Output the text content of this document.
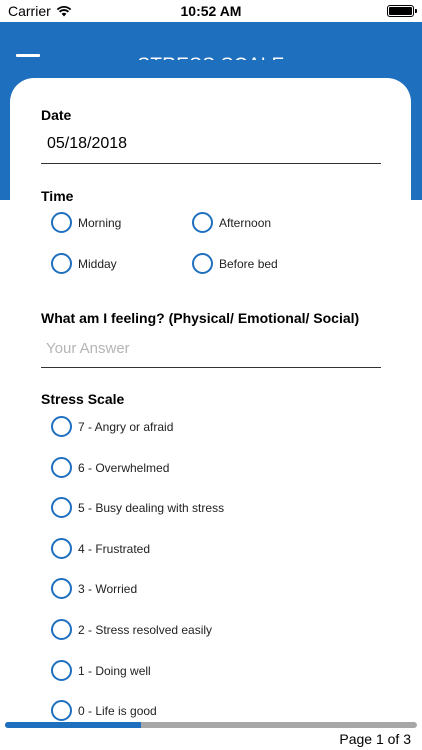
Carrier	10:52 AM
Date
05/18/2018
Time
Morning	Afternoon
Midday	Before bed
What am I feeling? (Physical/ Emotional/ Social)
Your Answer
Stress Scale
7 - Angry or afraid
6 - Overwhelmed
5 - Busy dealing with stress
4 - Frustrated
3 - Worried
2 - Stress resolved easily
1 - Doing well
0 - Life is good
Page 1 of 3
